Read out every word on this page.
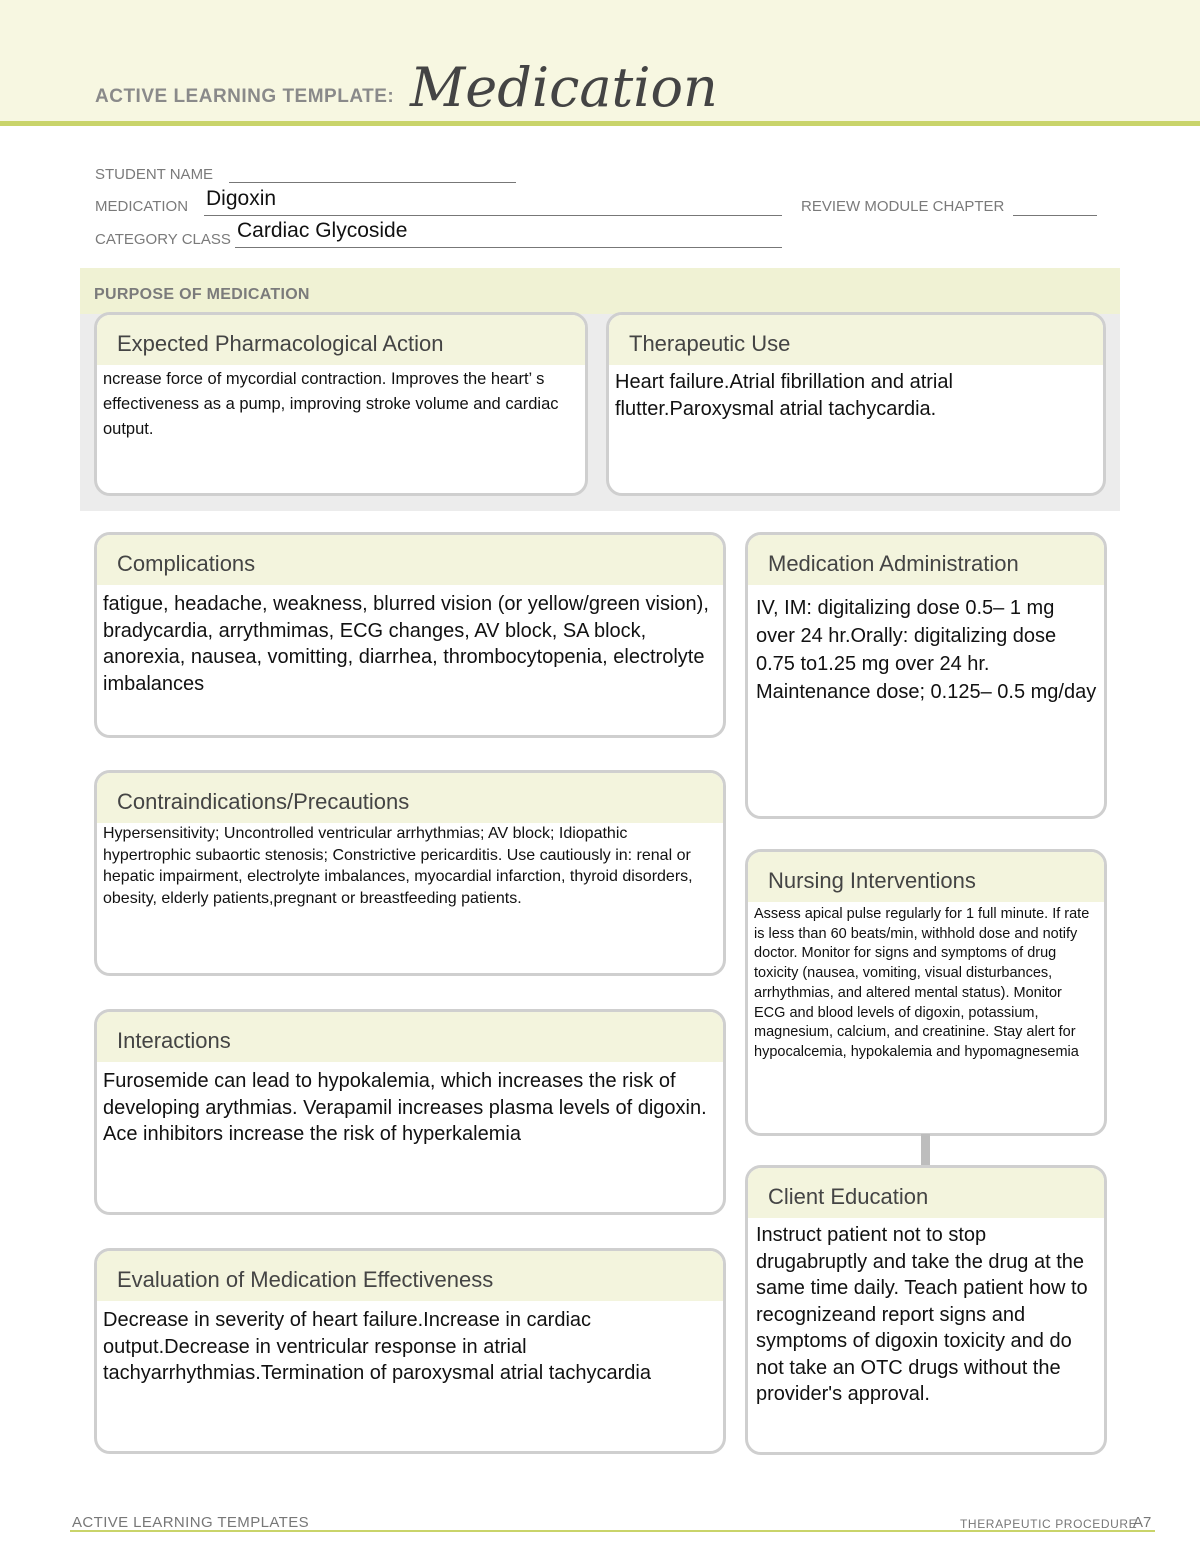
ACTIVE LEARNING TEMPLATE: Medication
STUDENT NAME
MEDICATION Digoxin	REVIEW MODULE CHAPTER
CATEGORY CLASS Cardiac Glycoside
PURPOSE OF MEDICATION
Expected Pharmacological Action
ncrease force of mycordial contraction. Improves the heart’ s effectiveness as a pump, improving stroke volume and cardiac output.
Therapeutic Use
Heart failure.Atrial fibrillation and atrial flutter.Paroxysmal atrial tachycardia.
Complications
fatigue, headache, weakness, blurred vision (or yellow/green vision), bradycardia, arrythmimas, ECG changes, AV block, SA block, anorexia, nausea, vomitting, diarrhea, thrombocytopenia, electrolyte imbalances
Contraindications/Precautions
Hypersensitivity; Uncontrolled ventricular arrhythmias; AV block; Idiopathic hypertrophic subaortic stenosis; Constrictive pericarditis. Use cautiously in: renal or hepatic impairment, electrolyte imbalances, myocardial infarction, thyroid disorders, obesity, elderly patients,pregnant or breastfeeding patients.
Interactions
Furosemide can lead to hypokalemia, which increases the risk of developing arythmias. Verapamil increases plasma levels of digoxin. Ace inhibitors increase the risk of hyperkalemia
Evaluation of Medication Effectiveness
Decrease in severity of heart failure.Increase in cardiac output.Decrease in ventricular response in atrial tachyarrhythmias.Termination of paroxysmal atrial tachycardia
Medication Administration
IV, IM: digitalizing dose 0.5– 1 mg over 24 hr.Orally: digitalizing dose 0.75 to1.25 mg over 24 hr. Maintenance dose; 0.125– 0.5 mg/day
Nursing Interventions
Assess apical pulse regularly for 1 full minute. If rate is less than 60 beats/min, withhold dose and notify doctor. Monitor for signs and symptoms of drug toxicity (nausea, vomiting, visual disturbances, arrhythmias, and altered mental status). Monitor ECG and blood levels of digoxin, potassium, magnesium, calcium, and creatinine. Stay alert for hypocalcemia, hypokalemia and hypomagnesemia
Client Education
Instruct patient not to stop drugabruptly and take the drug at the same time daily. Teach patient how to recognizeand report signs and symptoms of digoxin toxicity and do not take an OTC drugs without the provider's approval.
ACTIVE LEARNING TEMPLATES	THERAPEUTIC PROCEDURE
A7
